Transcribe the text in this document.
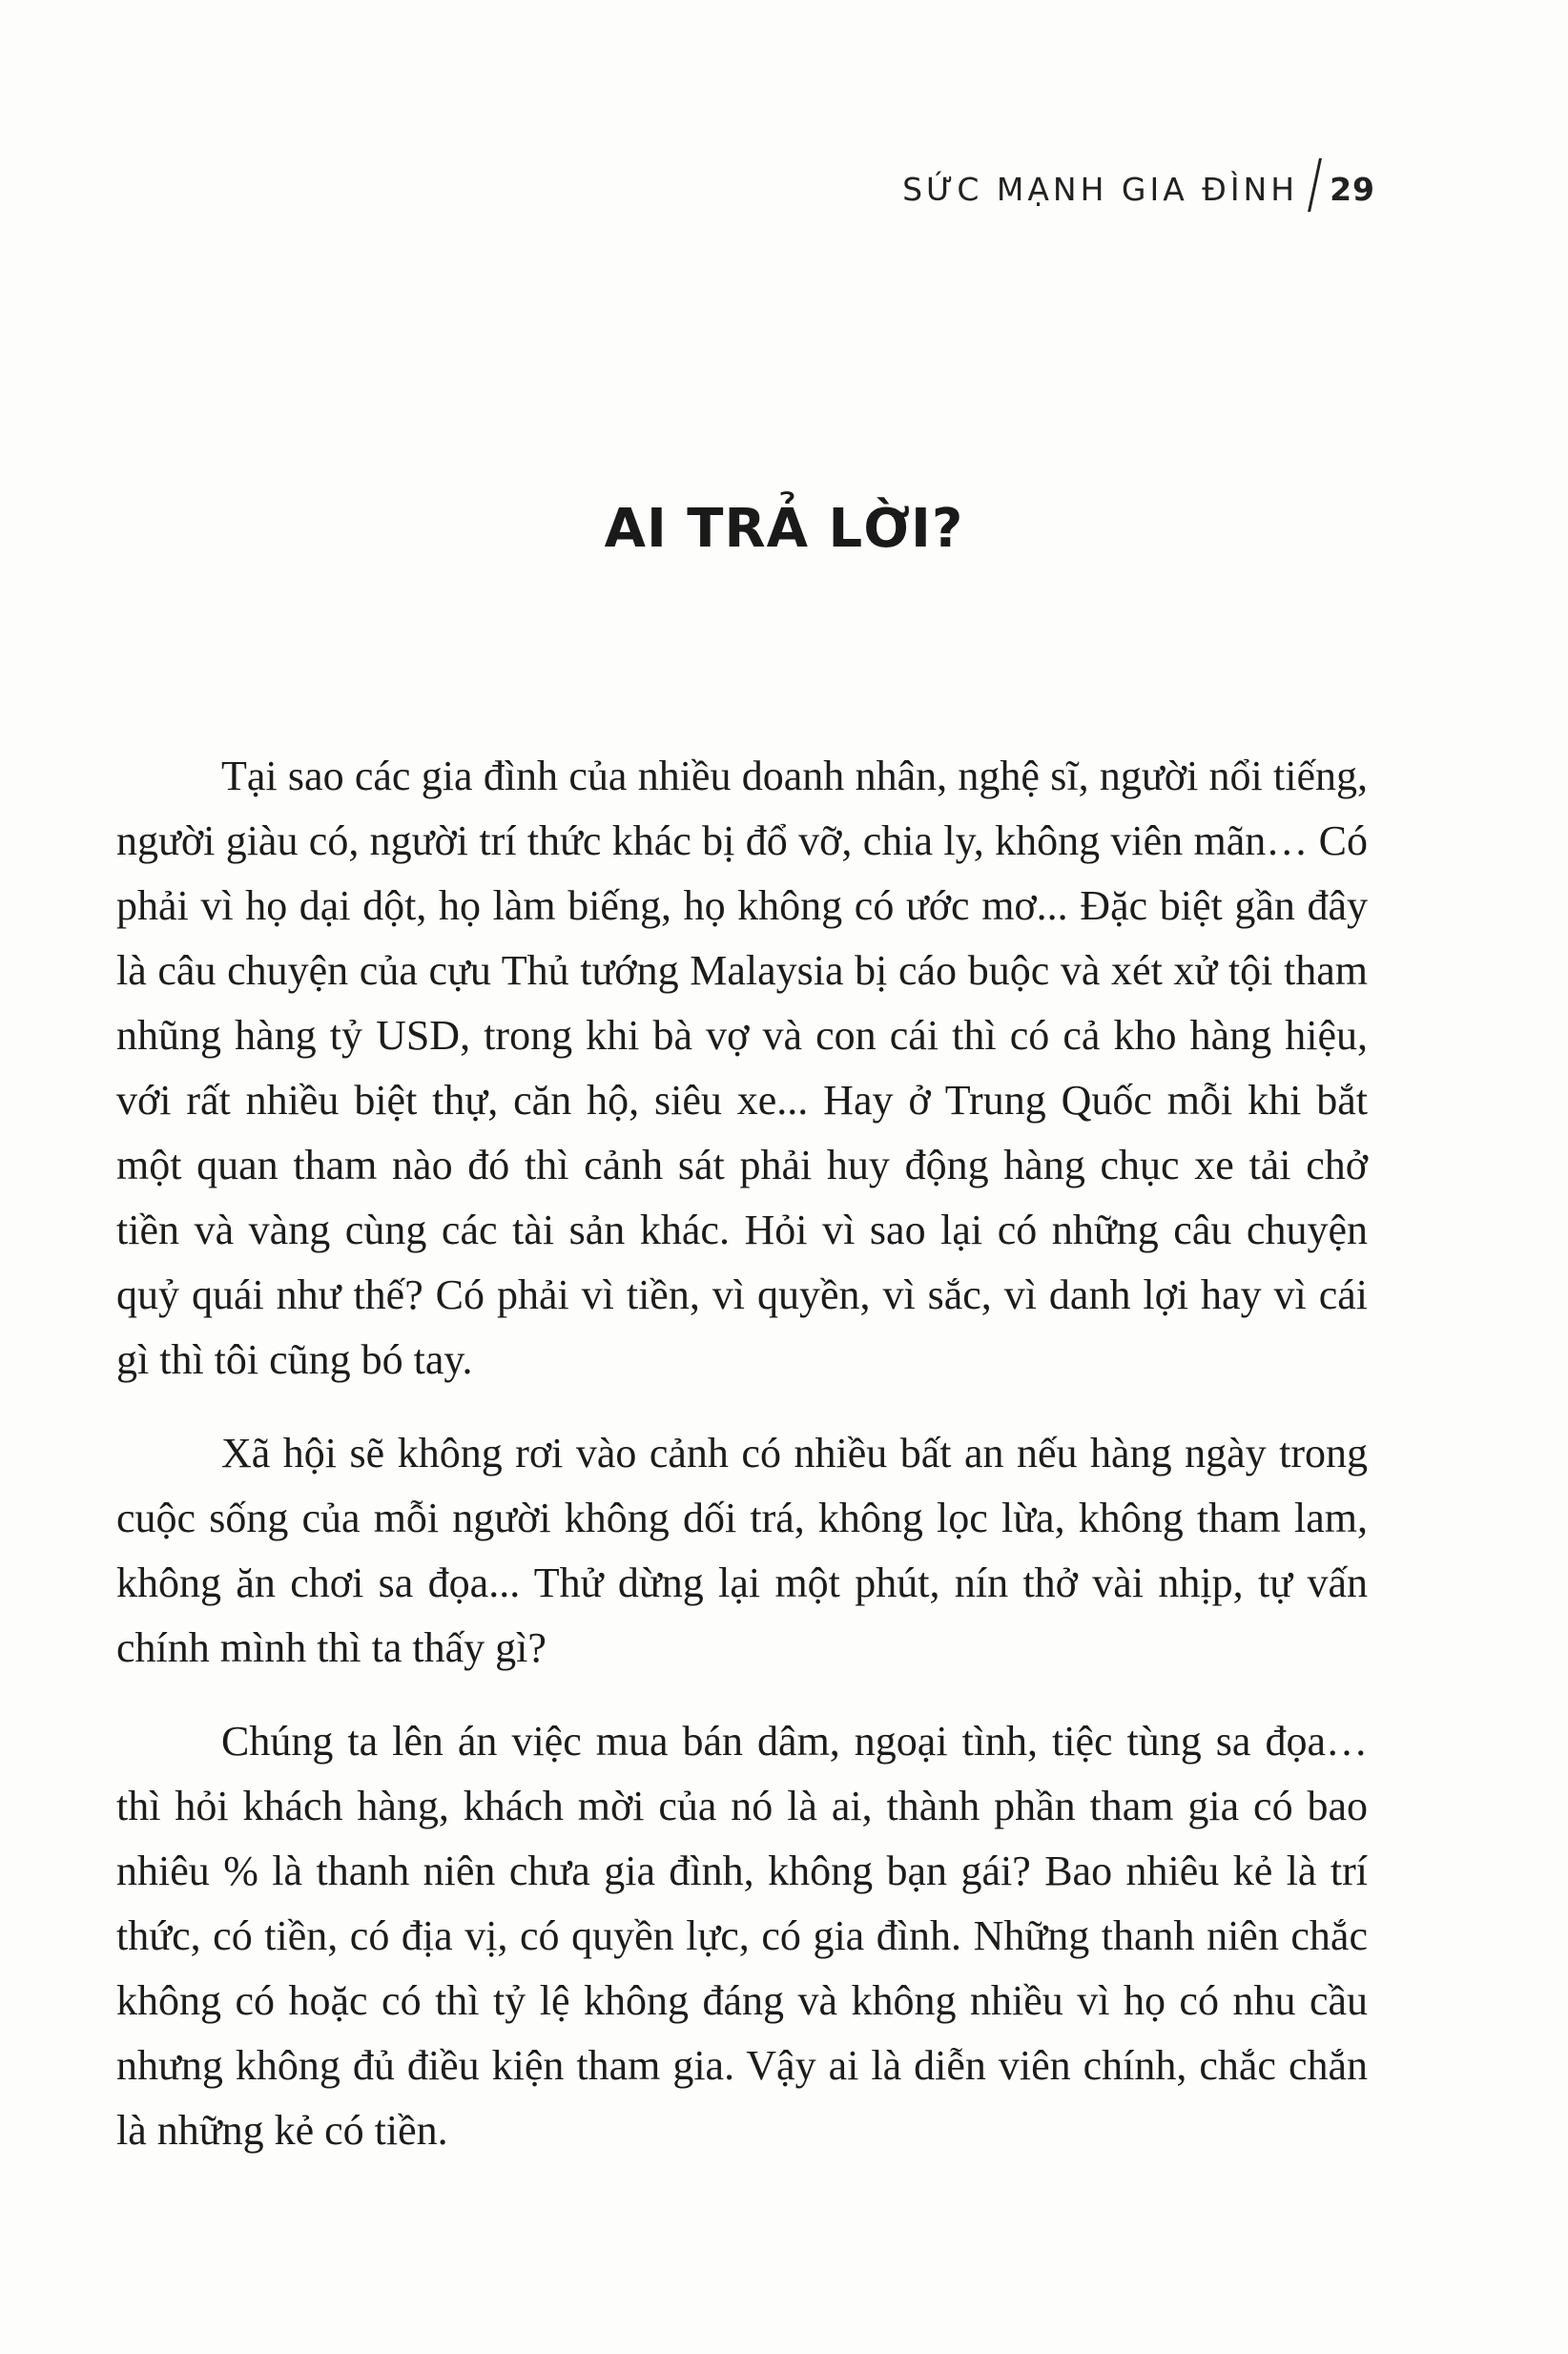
SỨC MẠNH GIA ĐÌNH 29
AI TRẢ LỜI?

Tại sao các gia đình của nhiều doanh nhân, nghệ sĩ, người nổi tiếng, người giàu có, người trí thức khác bị đổ vỡ, chia ly, không viên mãn… Có phải vì họ dại dột, họ làm biếng, họ không có ước mơ... Đặc biệt gần đây là câu chuyện của cựu Thủ tướng Malaysia bị cáo buộc và xét xử tội tham nhũng hàng tỷ USD, trong khi bà vợ và con cái thì có cả kho hàng hiệu, với rất nhiều biệt thự, căn hộ, siêu xe... Hay ở Trung Quốc mỗi khi bắt một quan tham nào đó thì cảnh sát phải huy động hàng chục xe tải chở tiền và vàng cùng các tài sản khác. Hỏi vì sao lại có những câu chuyện quỷ quái như thế? Có phải vì tiền, vì quyền, vì sắc, vì danh lợi hay vì cái gì thì tôi cũng bó tay.

Xã hội sẽ không rơi vào cảnh có nhiều bất an nếu hàng ngày trong cuộc sống của mỗi người không dối trá, không lọc lừa, không tham lam, không ăn chơi sa đọa... Thử dừng lại một phút, nín thở vài nhịp, tự vấn chính mình thì ta thấy gì?

Chúng ta lên án việc mua bán dâm, ngoại tình, tiệc tùng sa đọa… thì hỏi khách hàng, khách mời của nó là ai, thành phần tham gia có bao nhiêu % là thanh niên chưa gia đình, không bạn gái? Bao nhiêu kẻ là trí thức, có tiền, có địa vị, có quyền lực, có gia đình. Những thanh niên chắc không có hoặc có thì tỷ lệ không đáng và không nhiều vì họ có nhu cầu nhưng không đủ điều kiện tham gia. Vậy ai là diễn viên chính, chắc chắn là những kẻ có tiền.
